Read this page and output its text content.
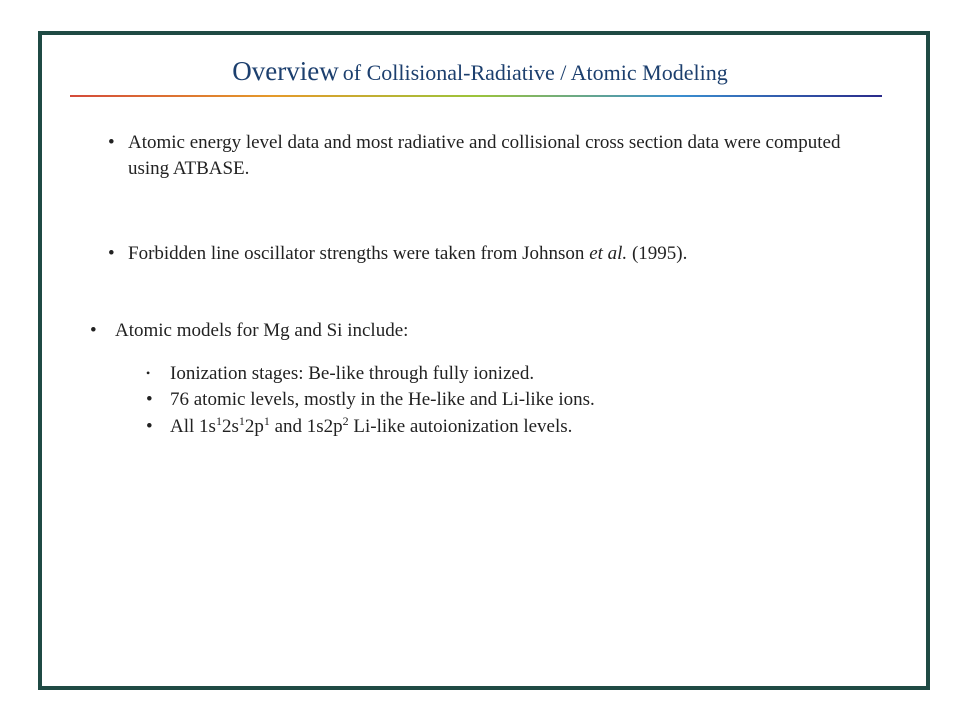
Overview of Collisional-Radiative / Atomic Modeling
• Atomic energy level data and most radiative and collisional cross section data were computed using ATBASE.
• Forbidden line oscillator strengths were taken from Johnson et al. (1995).
• Atomic models for Mg and Si include:
• Ionization stages: Be-like through fully ionized.
• 76 atomic levels, mostly in the He-like and Li-like ions.
• All $1s^12s^12p^1$ and $1s2p^2$ Li-like autoionization levels.
